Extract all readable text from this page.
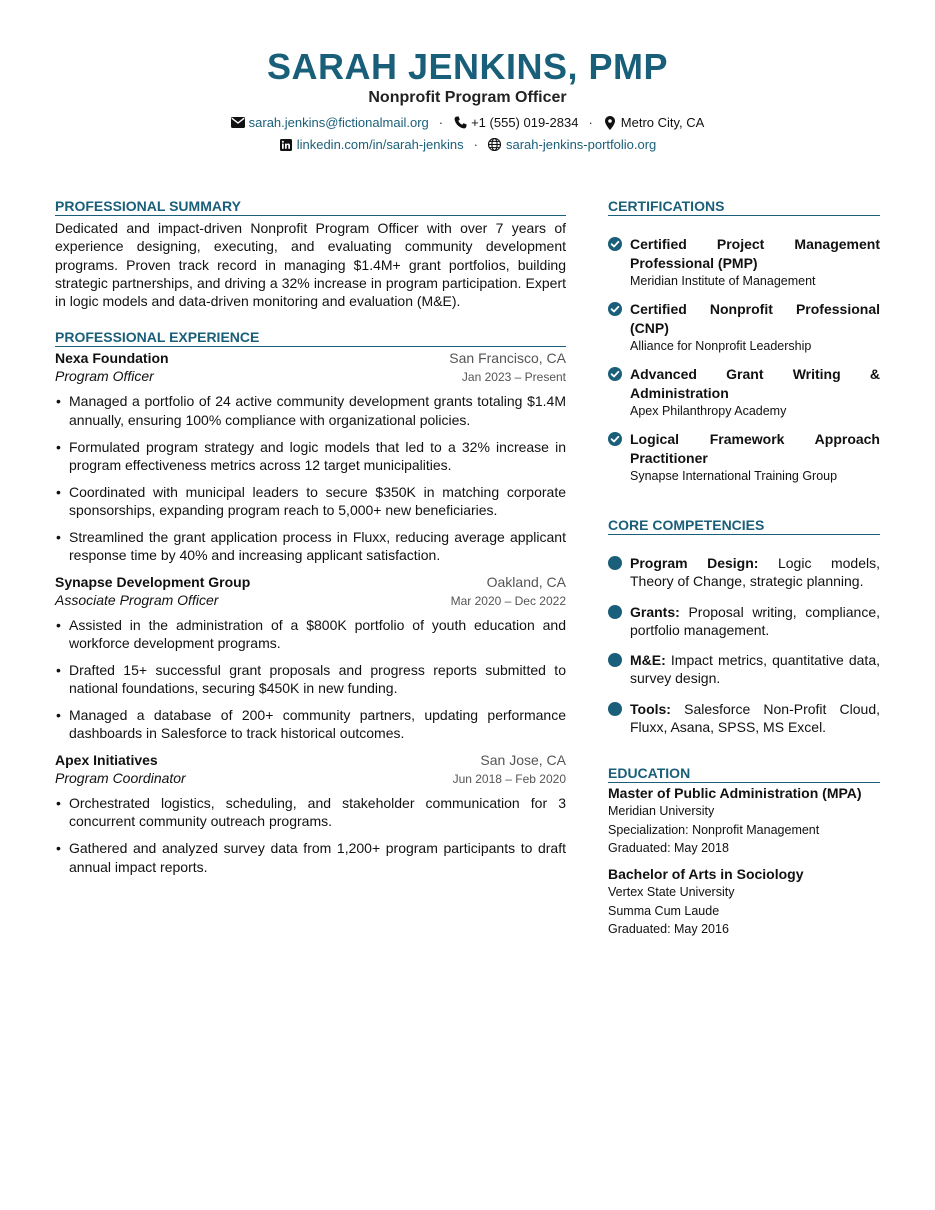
SARAH JENKINS, PMP
Nonprofit Program Officer
sarah.jenkins@fictionalmail.org · +1 (555) 019-2834 · Metro City, CA
linkedin.com/in/sarah-jenkins · sarah-jenkins-portfolio.org
PROFESSIONAL SUMMARY

Dedicated and impact-driven Nonprofit Program Officer with over 7 years of experience designing, executing, and evaluating community development programs. Proven track record in managing $1.4M+ grant portfolios, building strategic partnerships, and driving a 32% increase in program participation. Expert in logic models and data-driven monitoring and evaluation (M&E).

PROFESSIONAL EXPERIENCE
Nexa Foundation	San Francisco, CA
Program Officer	Jan 2023 – Present
• Managed a portfolio of 24 active community development grants totaling $1.4M annually, ensuring 100% compliance with organizational policies.
• Formulated program strategy and logic models that led to a 32% increase in program effectiveness metrics across 12 target municipalities.
• Coordinated with municipal leaders to secure $350K in matching corporate sponsorships, expanding program reach to 5,000+ new beneficiaries.
• Streamlined the grant application process in Fluxx, reducing average applicant response time by 40% and increasing applicant satisfaction.
Synapse Development Group	Oakland, CA
Associate Program Officer	Mar 2020 – Dec 2022
• Assisted in the administration of a $800K portfolio of youth education and workforce development programs.
• Drafted 15+ successful grant proposals and progress reports submitted to national foundations, securing $450K in new funding.
• Managed a database of 200+ community partners, updating performance dashboards in Salesforce to track historical outcomes.
Apex Initiatives	San Jose, CA
Program Coordinator	Jun 2018 – Feb 2020
• Orchestrated logistics, scheduling, and stakeholder communication for 3 concurrent community outreach programs.
• Gathered and analyzed survey data from 1,200+ program participants to draft annual impact reports.
CERTIFICATIONS
Certified Project Management Professional (PMP)
Meridian Institute of Management
Certified Nonprofit Professional (CNP)
Alliance for Nonprofit Leadership
Advanced Grant Writing & Administration
Apex Philanthropy Academy
Logical Framework Approach Practitioner
Synapse International Training Group
CORE COMPETENCIES
Program Design: Logic models, Theory of Change, strategic planning.
Grants: Proposal writing, compliance, portfolio management.
M&E: Impact metrics, quantitative data, survey design.
Tools: Salesforce Non-Profit Cloud, Fluxx, Asana, SPSS, MS Excel.
EDUCATION
Master of Public Administration (MPA)
Meridian University
Specialization: Nonprofit Management
Graduated: May 2018
Bachelor of Arts in Sociology
Vertex State University
Summa Cum Laude
Graduated: May 2016
